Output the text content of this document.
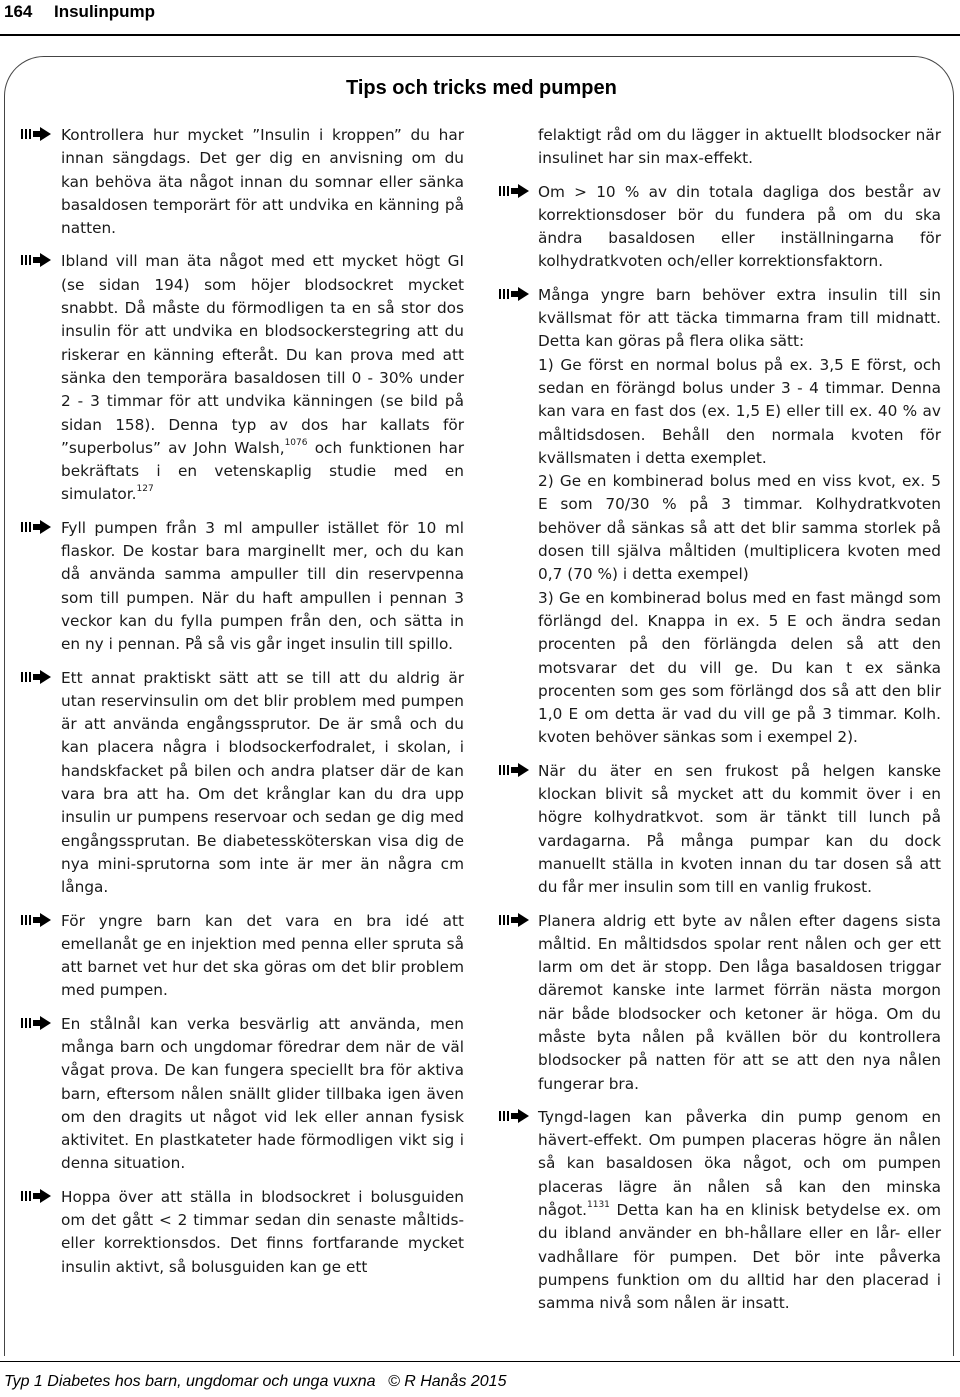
164 Insulinpump
Tips och tricks med pumpen

Kontrollera hur mycket ”Insulin i kroppen” du har innan sängdags. Det ger dig en anvisning om du kan behöva äta något innan du somnar eller sänka basaldosen temporärt för att undvika en känning på natten.

Ibland vill man äta något med ett mycket högt GI (se sidan 194) som höjer blodsockret mycket snabbt. Då måste du förmodligen ta en så stor dos insulin för att undvika en blodsockerstegring att du riskerar en känning efteråt. Du kan prova med att sänka den temporära basaldosen till 0 - 30% under 2 - 3 timmar för att undvika känningen (se bild på sidan 158). Denna typ av dos har kallats för ”superbolus” av John Walsh,$^{1076}$ och funktionen har bekräftats i en vetenskaplig studie med en simulator.$^{127}$

Fyll pumpen från 3 ml ampuller istället för 10 ml flaskor. De kostar bara marginellt mer, och du kan då använda samma ampuller till din reservpenna som till pumpen. När du haft ampullen i pennan 3 veckor kan du fylla pumpen från den, och sätta in en ny i pennan. På så vis går inget insulin till spillo.

Ett annat praktiskt sätt att se till att du aldrig är utan reservinsulin om det blir problem med pumpen är att använda engångssprutor. De är små och du kan placera några i blodsockerfodralet, i skolan, i handskfacket på bilen och andra platser där de kan vara bra att ha. Om det krånglar kan du dra upp insulin ur pumpens reservoar och sedan ge dig med engångssprutan. Be diabetessköterskan visa dig de nya mini-sprutorna som inte är mer än några cm långa.

För yngre barn kan det vara en bra idé att emellanåt ge en injektion med penna eller spruta så att barnet vet hur det ska göras om det blir problem med pumpen.

En stålnål kan verka besvärlig att använda, men många barn och ungdomar föredrar dem när de väl vågat prova. De kan fungera speciellt bra för aktiva barn, eftersom nålen snällt glider tillbaka igen även om den dragits ut något vid lek eller annan fysisk aktivitet. En plastkateter hade förmodligen vikt sig i denna situation.

Hoppa över att ställa in blodsockret i bolusguiden om det gått < 2 timmar sedan din senaste måltids- eller korrektionsdos. Det finns fortfarande mycket insulin aktivt, så bolusguiden kan ge ett

felaktigt råd om du lägger in aktuellt blodsocker när insulinet har sin max-effekt.

Om > 10 % av din totala dagliga dos består av korrektionsdoser bör du fundera på om du ska ändra basaldosen eller inställningarna för kolhydratkvoten och/eller korrektionsfaktorn.

Många yngre barn behöver extra insulin till sin kvällsmat för att täcka timmarna fram till midnatt. Detta kan göras på flera olika sätt:
1) Ge först en normal bolus på ex. 3,5 E först, och sedan en förängd bolus under 3 - 4 timmar. Denna kan vara en fast dos (ex. 1,5 E) eller till ex. 40 % av måltidsdosen. Behåll den normala kvoten för kvällsmaten i detta exemplet.
2) Ge en kombinerad bolus med en viss kvot, ex. 5 E som 70/30 % på 3 timmar. Kolhydratkvoten behöver då sänkas så att det blir samma storlek på dosen till själva måltiden (multiplicera kvoten med 0,7 (70 %) i detta exempel)
3) Ge en kombinerad bolus med en fast mängd som förlängd del. Knappa in ex. 5 E och ändra sedan procenten på den förlängda delen så att den motsvarar det du vill ge. Du kan t ex sänka procenten som ges som förlängd dos så att den blir 1,0 E om detta är vad du vill ge på 3 timmar. Kolh. kvoten behöver sänkas som i exempel 2).

När du äter en sen frukost på helgen kanske klockan blivit så mycket att du kommit över i en högre kolhydratkvot. som är tänkt till lunch på vardagarna. På många pumpar kan du dock manuellt ställa in kvoten innan du tar dosen så att du får mer insulin som till en vanlig frukost.

Planera aldrig ett byte av nålen efter dagens sista måltid. En måltidsdos spolar rent nålen och ger ett larm om det är stopp. Den låga basaldosen triggar däremot kanske inte larmet förrän nästa morgon när både blodsocker och ketoner är höga. Om du måste byta nålen på kvällen bör du kontrollera blodsocker på natten för att se att den nya nålen fungerar bra.

Tyngd-lagen kan påverka din pump genom en hävert-effekt. Om pumpen placeras högre än nålen så kan basaldosen öka något, och om pumpen placeras lägre än nålen så kan den minska något.$^{1131}$ Detta kan ha en klinisk betydelse ex. om du ibland använder en bh-hållare eller en lår- eller vadhållare för pumpen. Det bör inte påverka pumpens funktion om du alltid har den placerad i samma nivå som nålen är insatt.

Typ 1 Diabetes hos barn, ungdomar och unga vuxna © R Hanås 2015
